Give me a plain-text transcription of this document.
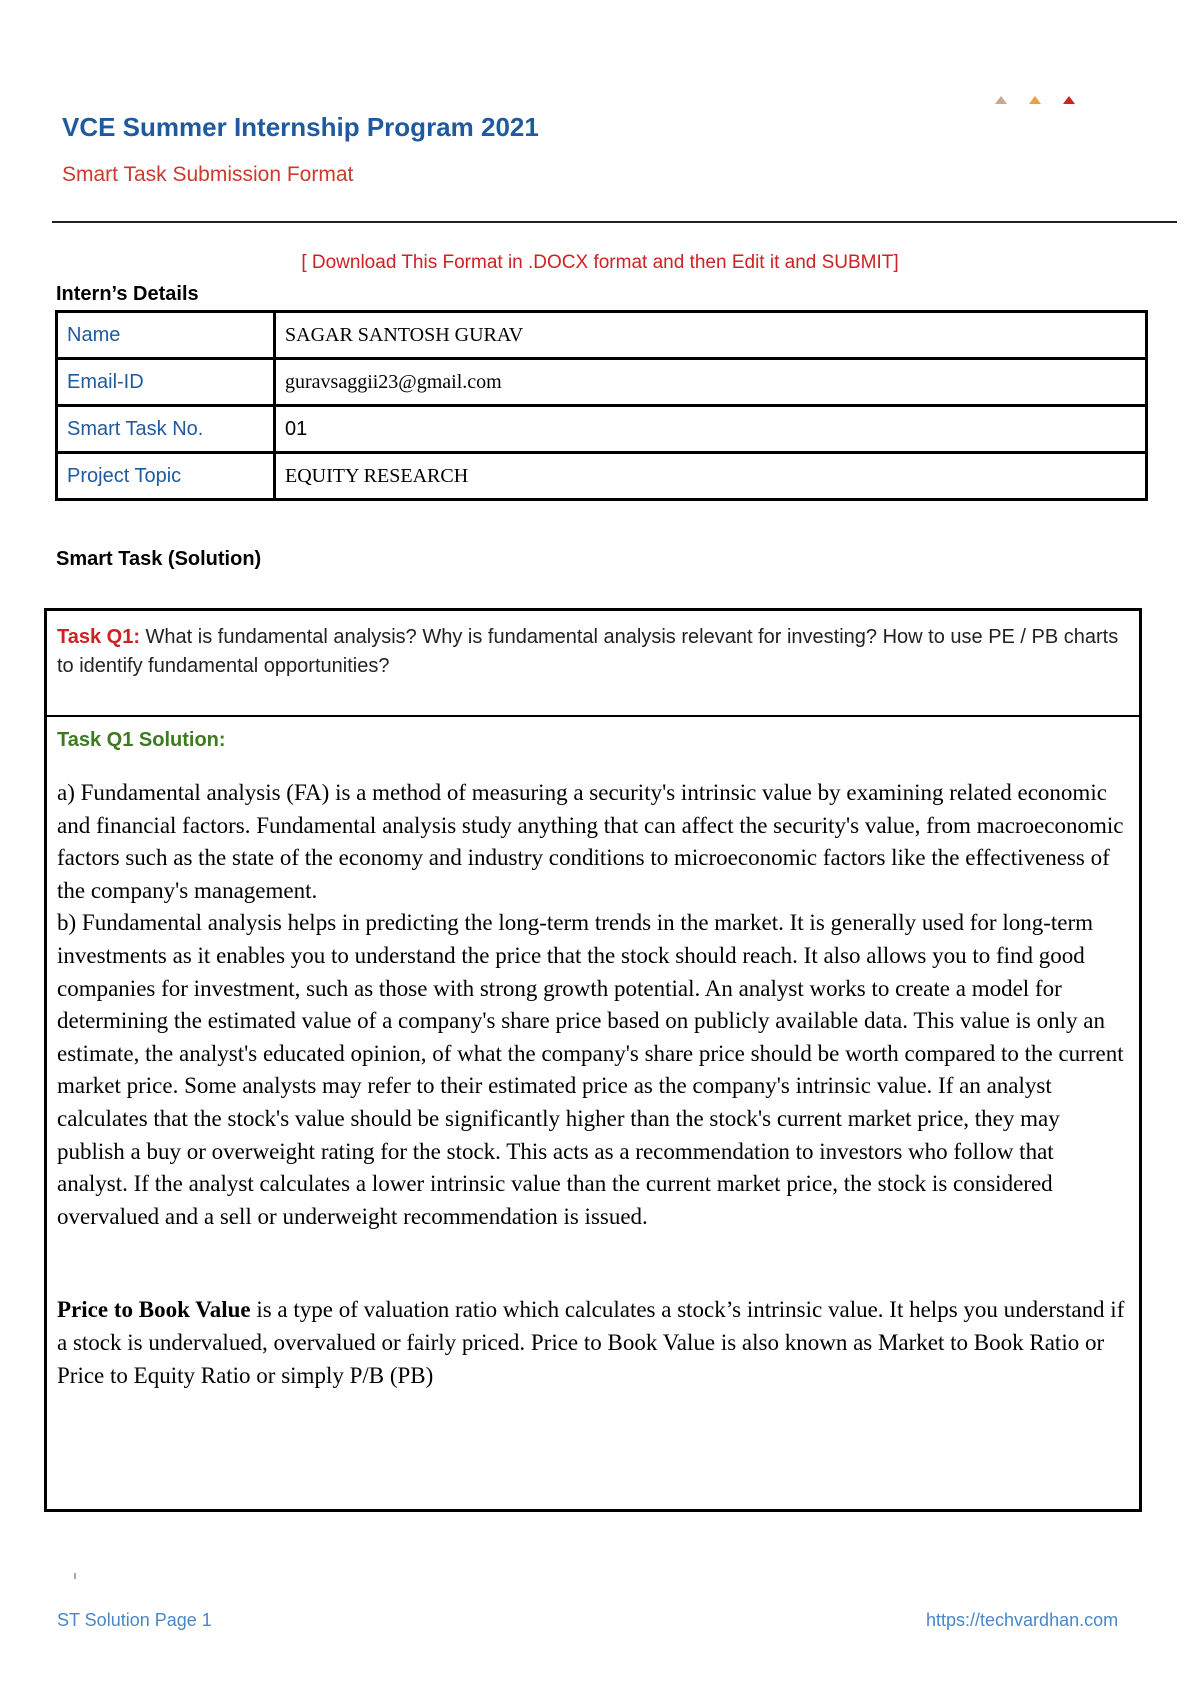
VCE Summer Internship Program 2021
Smart Task Submission Format
[ Download This Format in .DOCX format and then Edit it and SUBMIT]
Intern’s Details
Name	SAGAR SANTOSH GURAV
Email-ID	guravsaggii23@gmail.com
Smart Task No.	01
Project Topic	EQUITY RESEARCH
Smart Task (Solution)
Task Q1: What is fundamental analysis? Why is fundamental analysis relevant for investing? How to use PE / PB charts to identify fundamental opportunities?
Task Q1 Solution:
a) Fundamental analysis (FA) is a method of measuring a security's intrinsic value by examining related economic and financial factors. Fundamental analysis study anything that can affect the security's value, from macroeconomic factors such as the state of the economy and industry conditions to microeconomic factors like the effectiveness of the company's management.
b) Fundamental analysis helps in predicting the long-term trends in the market. It is generally used for long-term investments as it enables you to understand the price that the stock should reach. It also allows you to find good companies for investment, such as those with strong growth potential. An analyst works to create a model for determining the estimated value of a company's share price based on publicly available data. This value is only an estimate, the analyst's educated opinion, of what the company's share price should be worth compared to the current market price. Some analysts may refer to their estimated price as the company's intrinsic value. If an analyst calculates that the stock's value should be significantly higher than the stock's current market price, they may publish a buy or overweight rating for the stock. This acts as a recommendation to investors who follow that analyst. If the analyst calculates a lower intrinsic value than the current market price, the stock is considered overvalued and a sell or underweight recommendation is issued.
Price to Book Value is a type of valuation ratio which calculates a stock’s intrinsic value. It helps you understand if a stock is undervalued, overvalued or fairly priced. Price to Book Value is also known as Market to Book Ratio or Price to Equity Ratio or simply P/B (PB)
ST Solution Page 1	https://techvardhan.com
